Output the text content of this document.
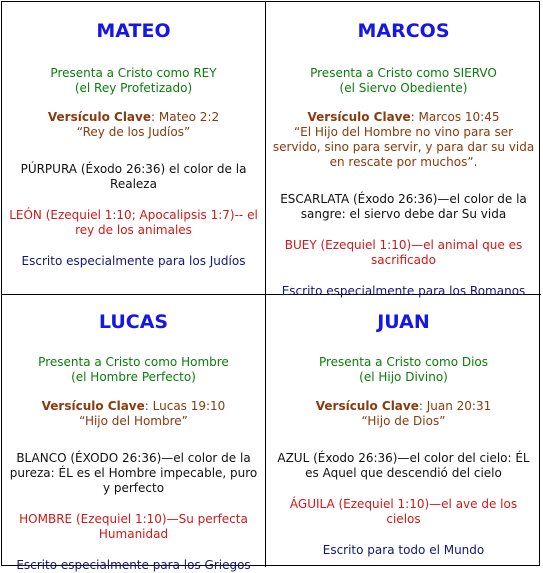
MATEO
Presenta a Cristo como REY
(el Rey Profetizado)
Versículo Clave: Mateo 2:2
“Rey de los Judíos”
PÚRPURA (Éxodo 26:36) el color de la Realeza
LEÓN (Ezequiel 1:10; Apocalipsis 1:7)-- el rey de los animales
Escrito especialmente para los Judíos
MARCOS
Presenta a Cristo como SIERVO
(el Siervo Obediente)
Versículo Clave: Marcos 10:45
“El Hijo del Hombre no vino para ser servido, sino para servir, y para dar su vida en rescate por muchos”.
ESCARLATA (Éxodo 26:36)—el color de la sangre: el siervo debe dar Su vida
BUEY (Ezequiel 1:10)—el animal que es sacrificado
Escrito especialmente para los Romanos
LUCAS
Presenta a Cristo como Hombre
(el Hombre Perfecto)
Versículo Clave: Lucas 19:10
“Hijo del Hombre”
BLANCO (ÉXODO 26:36)—el color de la pureza: ÉL es el Hombre impecable, puro y perfecto
HOMBRE (Ezequiel 1:10)—Su perfecta Humanidad
Escrito especialmente para los Griegos
JUAN
Presenta a Cristo como Dios
(el Hijo Divino)
Versículo Clave: Juan 20:31
“Hijo de Dios”
AZUL (Éxodo 26:36)—el color del cielo: ÉL es Aquel que descendió del cielo
ÁGUILA (Ezequiel 1:10)—el ave de los cielos
Escrito para todo el Mundo
